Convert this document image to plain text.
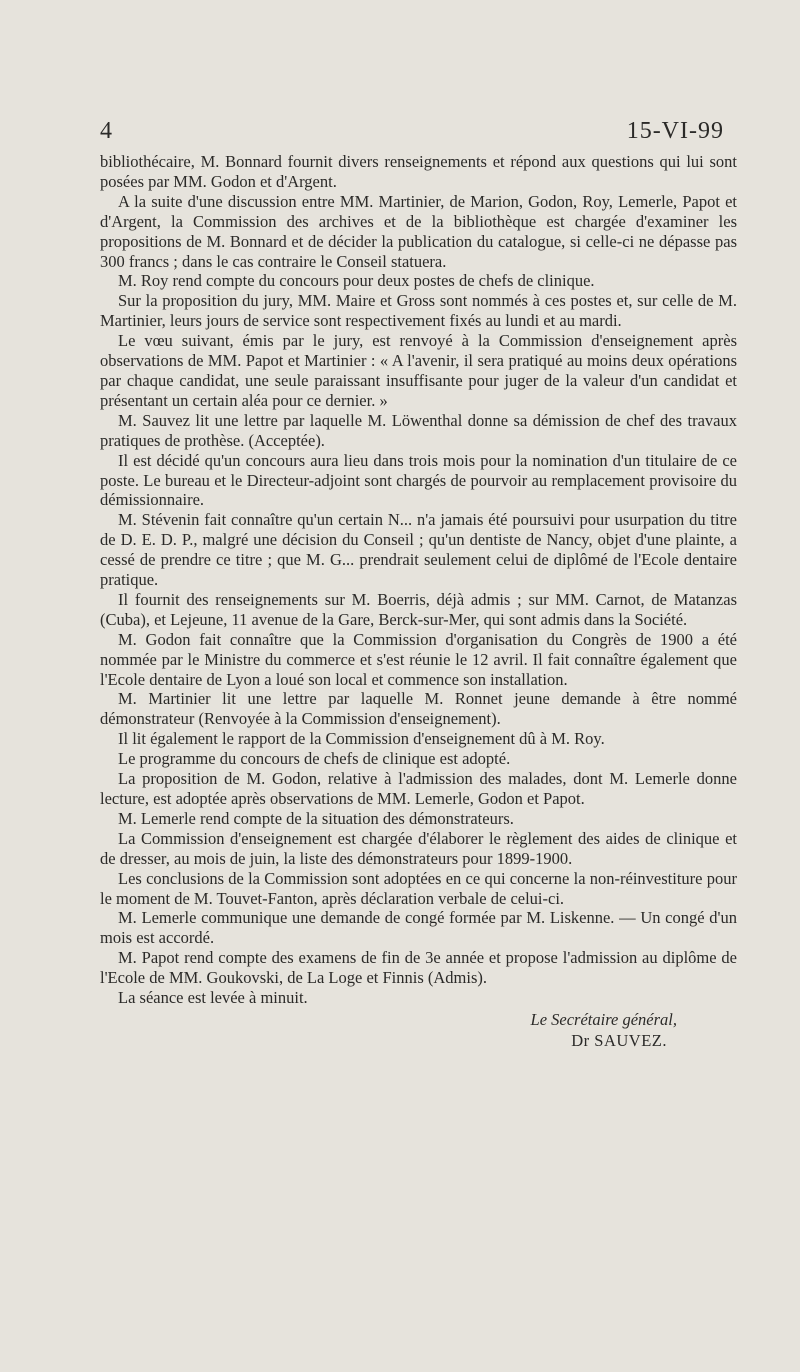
4	15-VI-99

bibliothécaire, M. Bonnard fournit divers renseignements et répond aux questions qui lui sont posées par MM. Godon et d'Argent.

A la suite d'une discussion entre MM. Martinier, de Marion, Godon, Roy, Lemerle, Papot et d'Argent, la Commission des archives et de la bibliothèque est chargée d'examiner les propositions de M. Bonnard et de décider la publication du catalogue, si celle-ci ne dépasse pas 300 francs ; dans le cas contraire le Conseil statuera.

M. Roy rend compte du concours pour deux postes de chefs de clinique.

Sur la proposition du jury, MM. Maire et Gross sont nommés à ces postes et, sur celle de M. Martinier, leurs jours de service sont respectivement fixés au lundi et au mardi.

Le vœu suivant, émis par le jury, est renvoyé à la Commission d'enseignement après observations de MM. Papot et Martinier : « A l'avenir, il sera pratiqué au moins deux opérations par chaque candidat, une seule paraissant insuffisante pour juger de la valeur d'un candidat et présentant un certain aléa pour ce dernier. »

M. Sauvez lit une lettre par laquelle M. Löwenthal donne sa démission de chef des travaux pratiques de prothèse. (Acceptée).

Il est décidé qu'un concours aura lieu dans trois mois pour la nomination d'un titulaire de ce poste. Le bureau et le Directeur-adjoint sont chargés de pourvoir au remplacement provisoire du démissionnaire.

M. Stévenin fait connaître qu'un certain N... n'a jamais été poursuivi pour usurpation du titre de D. E. D. P., malgré une décision du Conseil ; qu'un dentiste de Nancy, objet d'une plainte, a cessé de prendre ce titre ; que M. G... prendrait seulement celui de diplômé de l'Ecole dentaire pratique.

Il fournit des renseignements sur M. Boerris, déjà admis ; sur MM. Carnot, de Matanzas (Cuba), et Lejeune, 11 avenue de la Gare, Berck-sur-Mer, qui sont admis dans la Société.

M. Godon fait connaître que la Commission d'organisation du Congrès de 1900 a été nommée par le Ministre du commerce et s'est réunie le 12 avril. Il fait connaître également que l'Ecole dentaire de Lyon a loué son local et commence son installation.

M. Martinier lit une lettre par laquelle M. Ronnet jeune demande à être nommé démonstrateur (Renvoyée à la Commission d'enseignement).

Il lit également le rapport de la Commission d'enseignement dû à M. Roy.

Le programme du concours de chefs de clinique est adopté.

La proposition de M. Godon, relative à l'admission des malades, dont M. Lemerle donne lecture, est adoptée après observations de MM. Lemerle, Godon et Papot.

M. Lemerle rend compte de la situation des démonstrateurs.

La Commission d'enseignement est chargée d'élaborer le règlement des aides de clinique et de dresser, au mois de juin, la liste des démonstrateurs pour 1899-1900.

Les conclusions de la Commission sont adoptées en ce qui concerne la non-réinvestiture pour le moment de M. Touvet-Fanton, après déclaration verbale de celui-ci.

M. Lemerle communique une demande de congé formée par M. Liskenne. — Un congé d'un mois est accordé.

M. Papot rend compte des examens de fin de 3e année et propose l'admission au diplôme de l'Ecole de MM. Goukovski, de La Loge et Finnis (Admis).

La séance est levée à minuit.

Le Secrétaire général,
Dr SAUVEZ.
